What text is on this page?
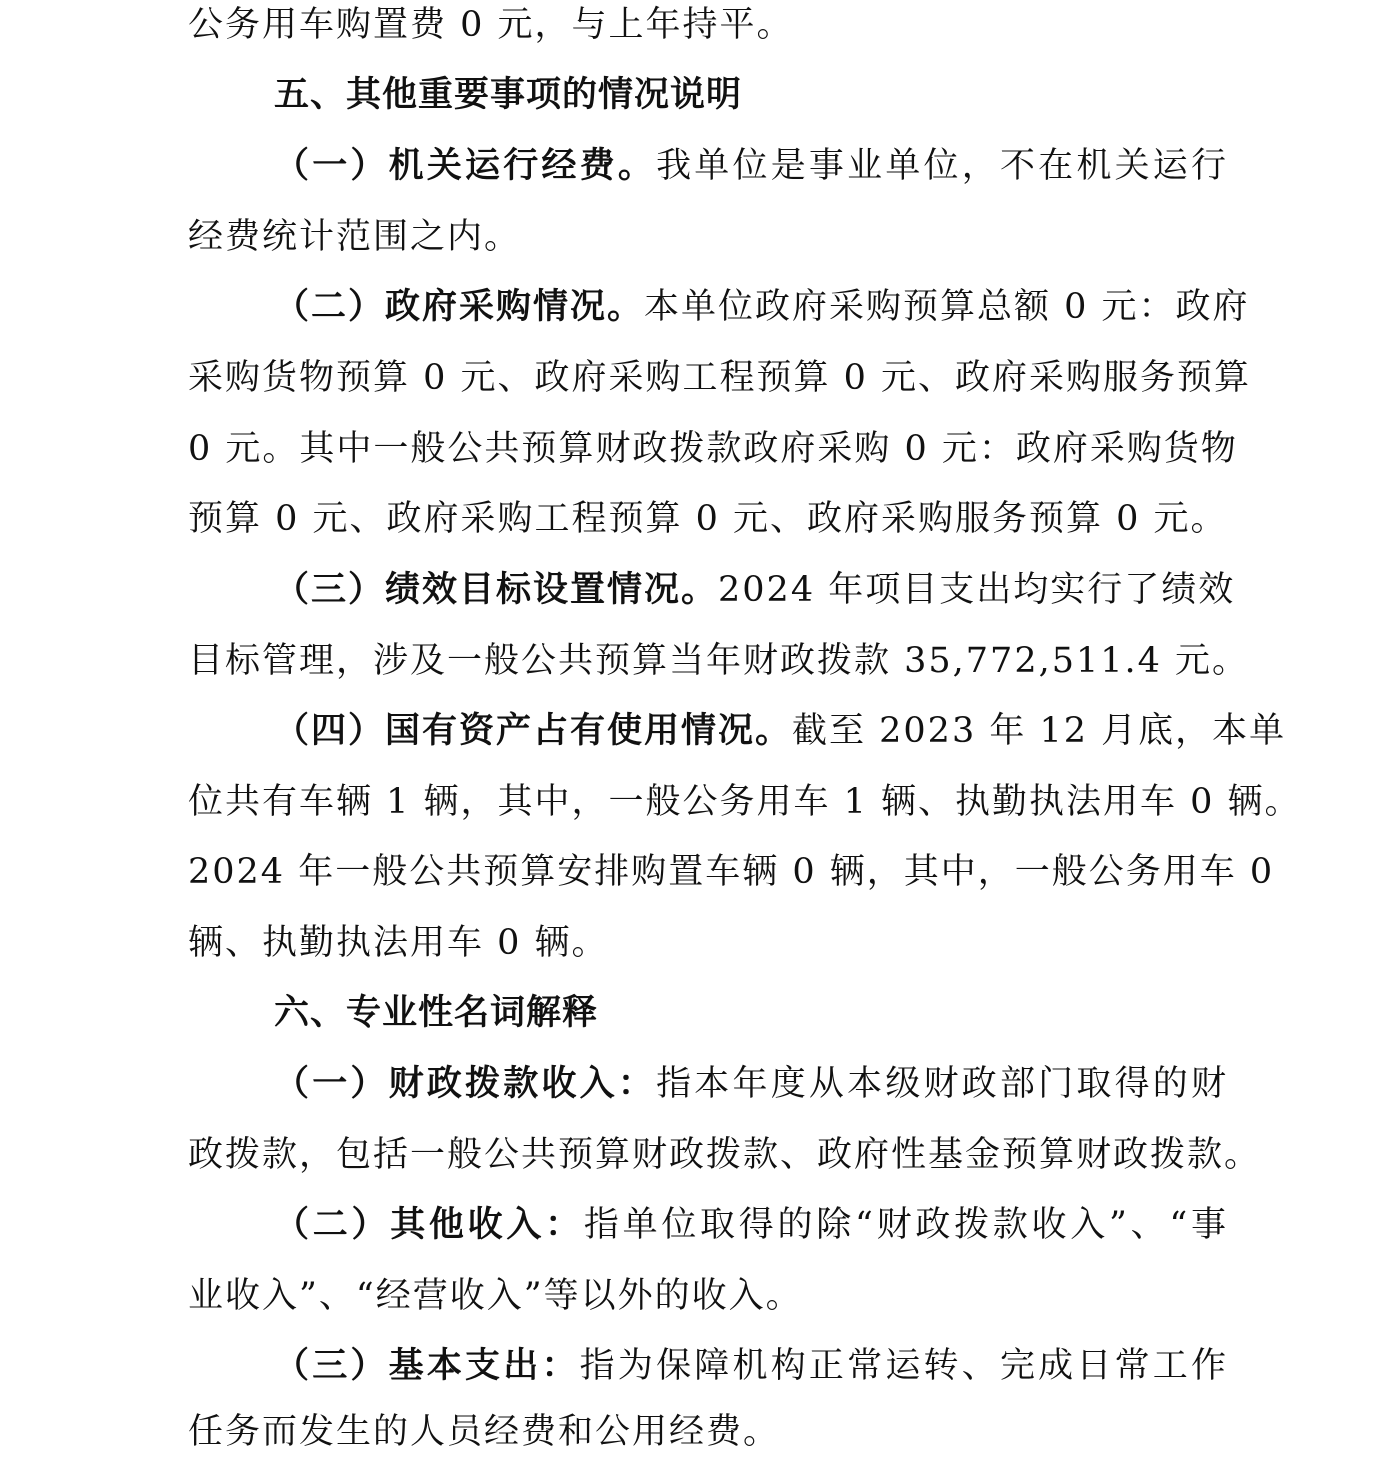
公务用车购置费 0 元，与上年持平。
五、其他重要事项的情况说明
（一）机关运行经费。我单位是事业单位，不在机关运行
经费统计范围之内。
（二）政府采购情况。本单位政府采购预算总额 0 元：政府
采购货物预算 0 元、政府采购工程预算 0 元、政府采购服务预算
0 元。其中一般公共预算财政拨款政府采购 0 元：政府采购货物
预算 0 元、政府采购工程预算 0 元、政府采购服务预算 0 元。
（三）绩效目标设置情况。2024 年项目支出均实行了绩效
目标管理，涉及一般公共预算当年财政拨款 35,772,511.4 元。
（四）国有资产占有使用情况。截至 2023 年 12 月底，本单
位共有车辆 1 辆，其中，一般公务用车 1 辆、执勤执法用车 0 辆。
2024 年一般公共预算安排购置车辆 0 辆，其中，一般公务用车 0
辆、执勤执法用车 0 辆。
六、专业性名词解释
（一）财政拨款收入：指本年度从本级财政部门取得的财
政拨款，包括一般公共预算财政拨款、政府性基金预算财政拨款。
（二）其他收入：指单位取得的除“财政拨款收入”、“事
业收入”、“经营收入”等以外的收入。
（三）基本支出：指为保障机构正常运转、完成日常工作
任务而发生的人员经费和公用经费。
